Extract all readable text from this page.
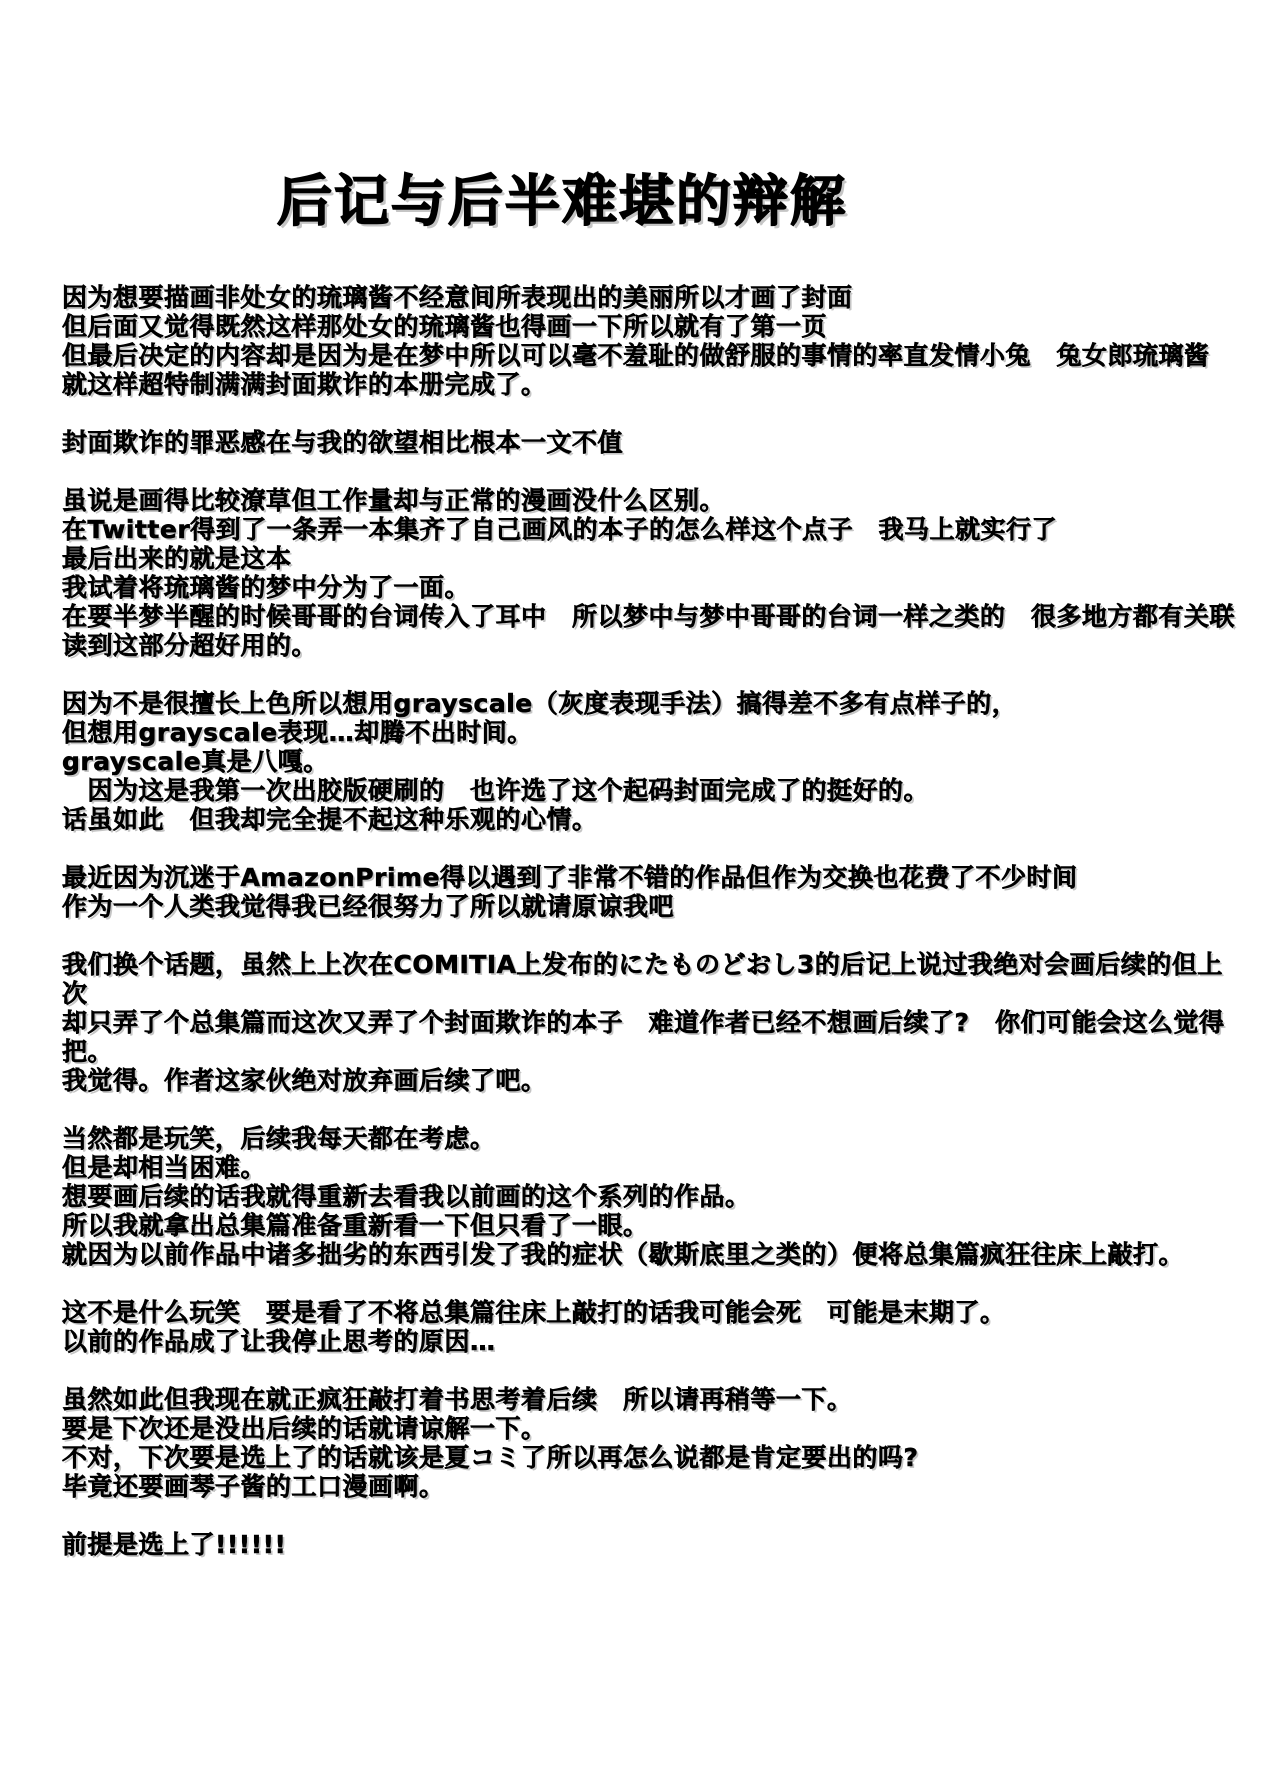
后记与后半难堪的辩解

因为想要描画非处女的琉璃酱不经意间所表现出的美丽所以才画了封面
但后面又觉得既然这样那处女的琉璃酱也得画一下所以就有了第一页
但最后决定的内容却是因为是在梦中所以可以毫不羞耻的做舒服的事情的率直发情小兔　兔女郎琉璃酱
就这样超特制满满封面欺诈的本册完成了。

封面欺诈的罪恶感在与我的欲望相比根本一文不值

虽说是画得比较潦草但工作量却与正常的漫画没什么区别。
在Twitter得到了一条弄一本集齐了自己画风的本子的怎么样这个点子　我马上就实行了
最后出来的就是这本
我试着将琉璃酱的梦中分为了一面。
在要半梦半醒的时候哥哥的台词传入了耳中　所以梦中与梦中哥哥的台词一样之类的　很多地方都有关联
读到这部分超好用的。

因为不是很擅长上色所以想用grayscale（灰度表现手法）搞得差不多有点样子的，
但想用grayscale表现…却腾不出时间。
grayscale真是八嘎。
　因为这是我第一次出胶版硬刷的　也许选了这个起码封面完成了的挺好的。
话虽如此　但我却完全提不起这种乐观的心情。

最近因为沉迷于AmazonPrime得以遇到了非常不错的作品但作为交换也花费了不少时间
作为一个人类我觉得我已经很努力了所以就请原谅我吧

我们换个话题，虽然上上次在COMITIA上发布的にたものどおし3的后记上说过我绝对会画后续的但上次
却只弄了个总集篇而这次又弄了个封面欺诈的本子　难道作者已经不想画后续了?　你们可能会这么觉得把。
我觉得。作者这家伙绝对放弃画后续了吧。

当然都是玩笑，后续我每天都在考虑。
但是却相当困难。
想要画后续的话我就得重新去看我以前画的这个系列的作品。
所以我就拿出总集篇准备重新看一下但只看了一眼。
就因为以前作品中诸多拙劣的东西引发了我的症状（歇斯底里之类的）便将总集篇疯狂往床上敲打。

这不是什么玩笑　要是看了不将总集篇往床上敲打的话我可能会死　可能是末期了。
以前的作品成了让我停止思考的原因…

虽然如此但我现在就正疯狂敲打着书思考着后续　所以请再稍等一下。
要是下次还是没出后续的话就请谅解一下。
不对，下次要是选上了的话就该是夏コミ了所以再怎么说都是肯定要出的吗?
毕竟还要画琴子酱的工口漫画啊。

前提是选上了!!!!!!
